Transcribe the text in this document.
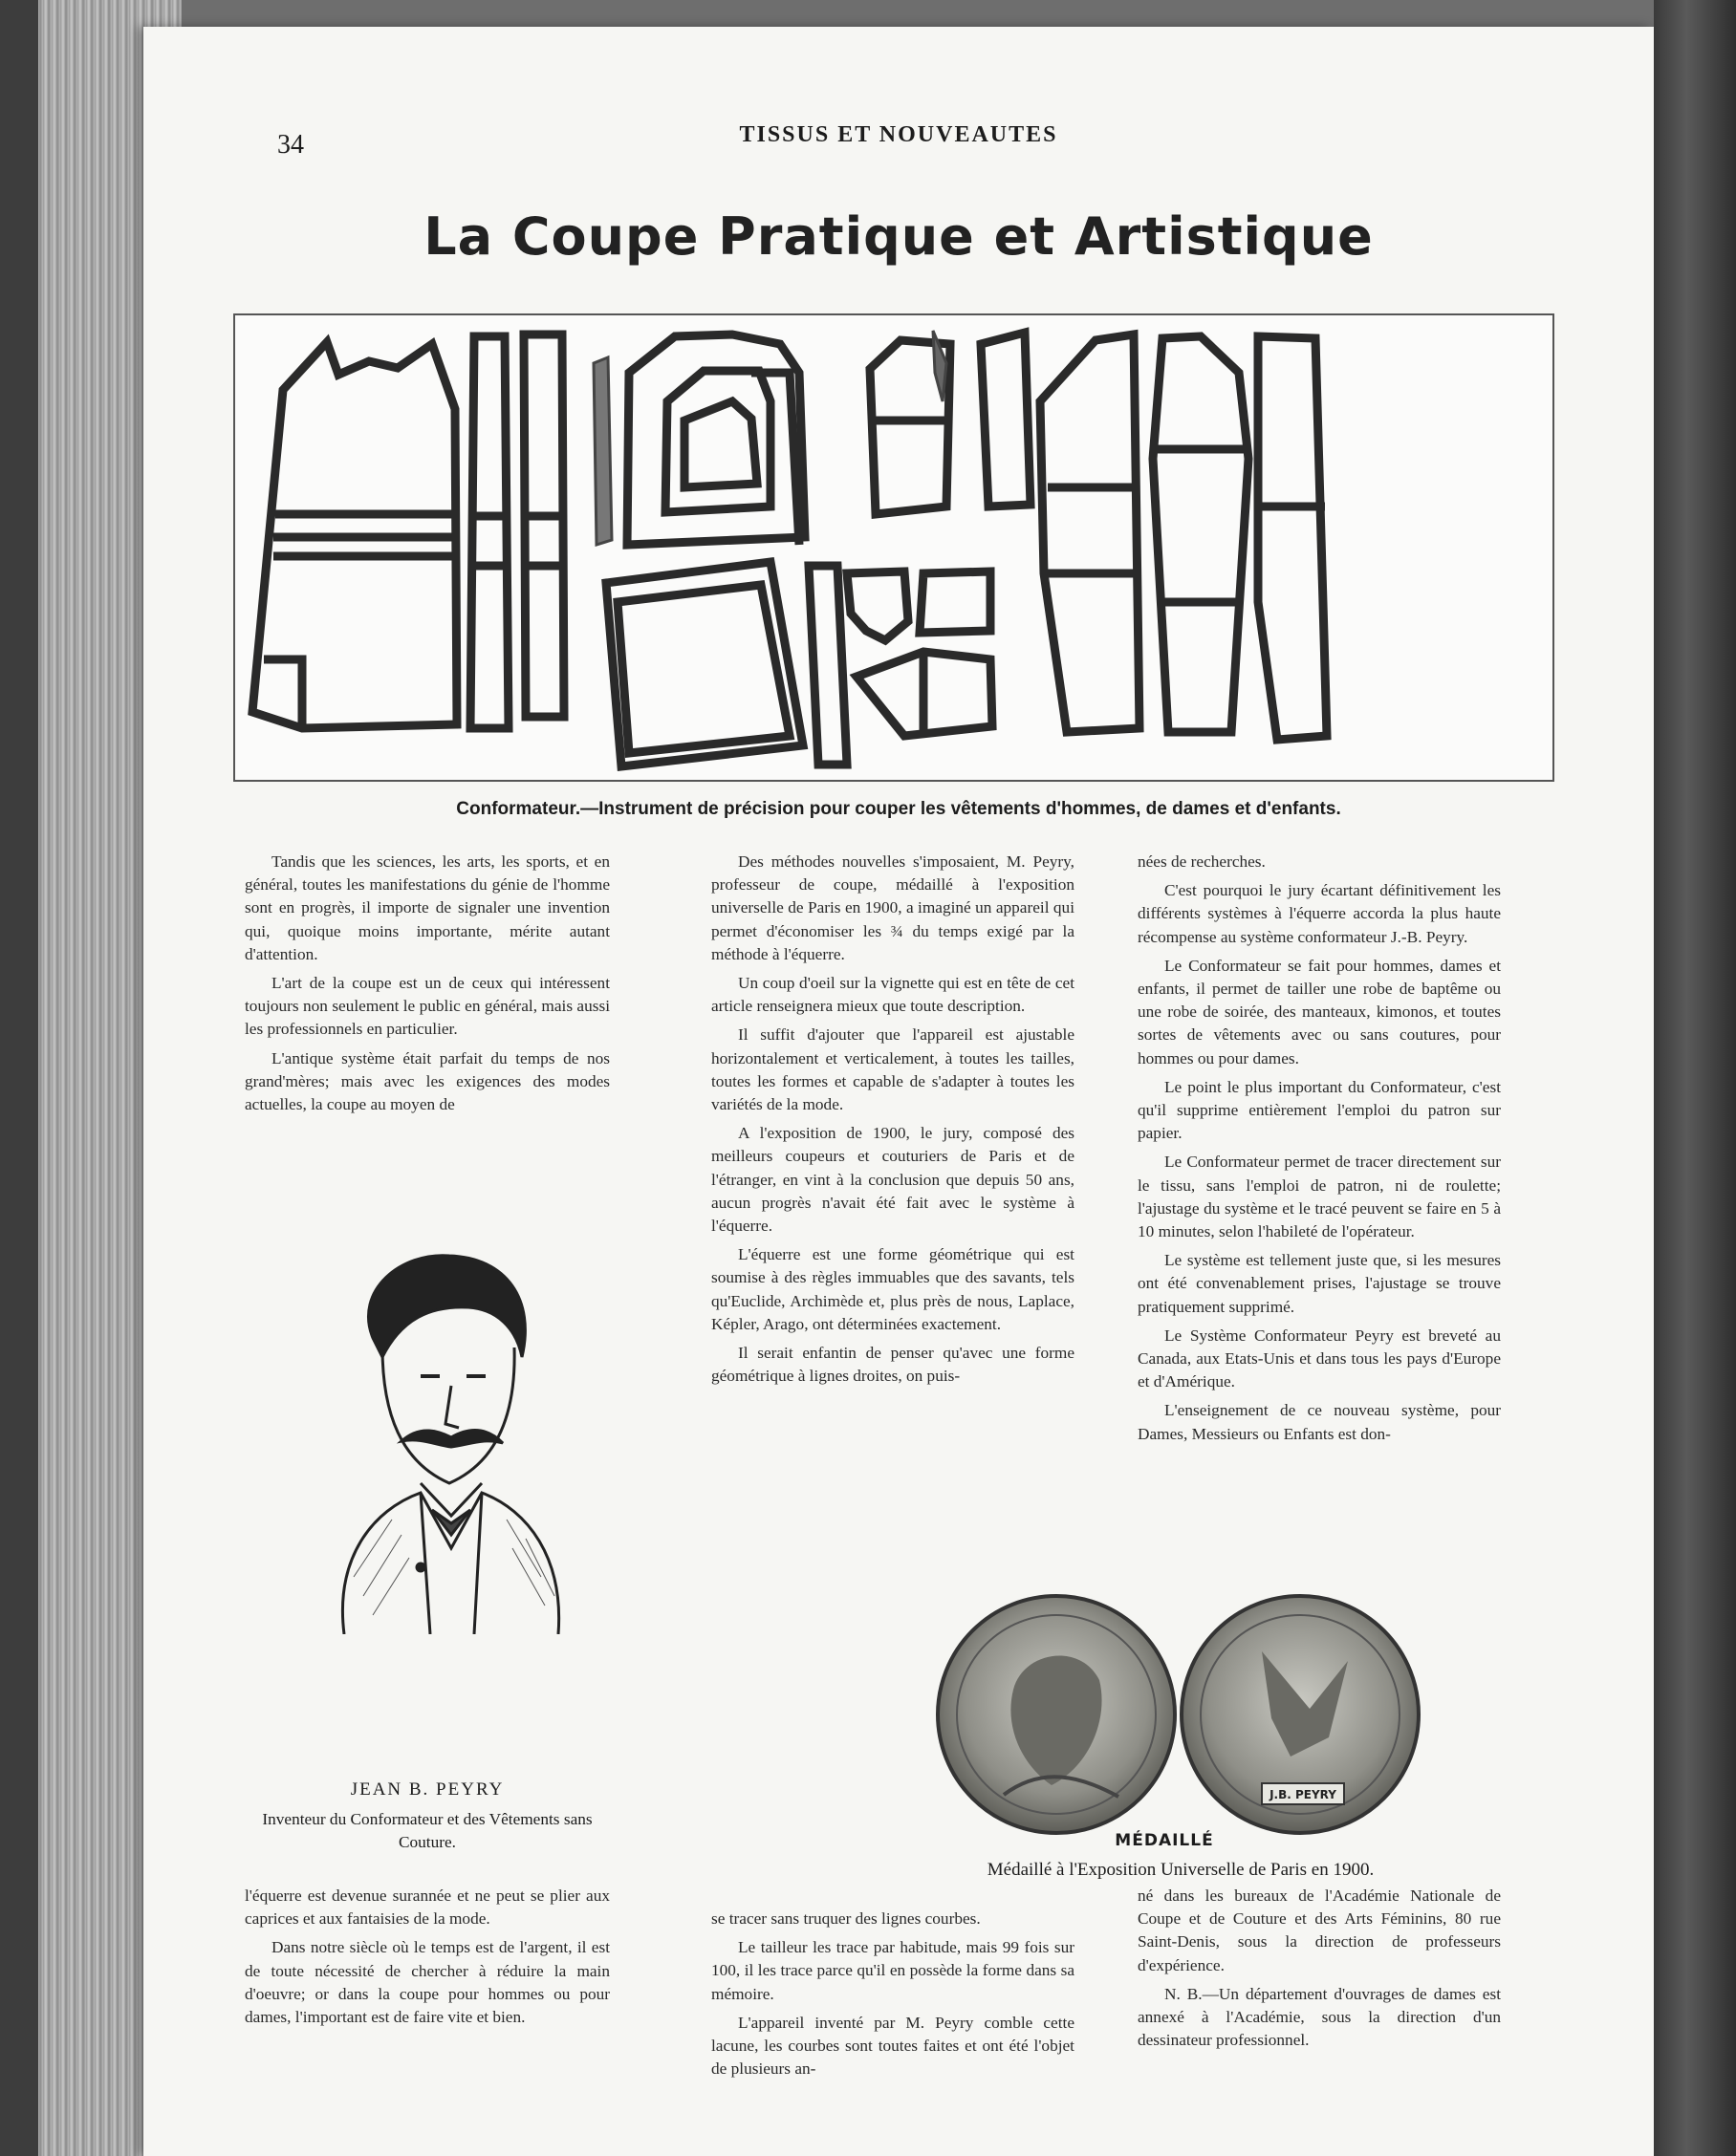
34	TISSUS ET NOUVEAUTES
La Coupe Pratique et Artistique
Conformateur.—Instrument de précision pour couper les vêtements d'hommes, de dames et d'enfants.

Tandis que les sciences, les arts, les sports, et en général, toutes les manifestations du génie de l'homme sont en progrès, il importe de signaler une invention qui, quoique moins importante, mérite autant d'attention.

L'art de la coupe est un de ceux qui intéressent toujours non seulement le public en général, mais aussi les professionnels en particulier.

L'antique système était parfait du temps de nos grand'mères; mais avec les exigences des modes actuelles, la coupe au moyen de

Des méthodes nouvelles s'imposaient, M. Peyry, professeur de coupe, médaillé à l'exposition universelle de Paris en 1900, a imaginé un appareil qui permet d'économiser les ¾ du temps exigé par la méthode à l'équerre.

Un coup d'oeil sur la vignette qui est en tête de cet article renseignera mieux que toute description.

Il suffit d'ajouter que l'appareil est ajustable horizontalement et verticalement, à toutes les tailles, toutes les formes et capable de s'adapter à toutes les variétés de la mode.

A l'exposition de 1900, le jury, composé des meilleurs coupeurs et couturiers de Paris et de l'étranger, en vint à la conclusion que depuis 50 ans, aucun progrès n'avait été fait avec le système à l'équerre.

L'équerre est une forme géométrique qui est soumise à des règles immuables que des savants, tels qu'Euclide, Archimède et, plus près de nous, Laplace, Képler, Arago, ont déterminées exactement.

Il serait enfantin de penser qu'avec une forme géométrique à lignes droites, on puis-

nées de recherches.

C'est pourquoi le jury écartant définitivement les différents systèmes à l'équerre accorda la plus haute récompense au système conformateur J.-B. Peyry.

Le Conformateur se fait pour hommes, dames et enfants, il permet de tailler une robe de baptême ou une robe de soirée, des manteaux, kimonos, et toutes sortes de vêtements avec ou sans coutures, pour hommes ou pour dames.

Le point le plus important du Conformateur, c'est qu'il supprime entièrement l'emploi du patron sur papier.

Le Conformateur permet de tracer directement sur le tissu, sans l'emploi de patron, ni de roulette; l'ajustage du système et le tracé peuvent se faire en 5 à 10 minutes, selon l'habileté de l'opérateur.

Le système est tellement juste que, si les mesures ont été convenablement prises, l'ajustage se trouve pratiquement supprimé.

Le Système Conformateur Peyry est breveté au Canada, aux Etats-Unis et dans tous les pays d'Europe et d'Amérique.

L'enseignement de ce nouveau système, pour Dames, Messieurs ou Enfants est don-

JEAN B. PEYRY
Inventeur du Conformateur et des Vêtements sans Couture.
J.B. PEYRY
MÉDAILLÉ
Médaillé à l'Exposition Universelle de Paris en 1900.

l'équerre est devenue surannée et ne peut se plier aux caprices et aux fantaisies de la mode.

Dans notre siècle où le temps est de l'argent, il est de toute nécessité de chercher à réduire la main d'oeuvre; or dans la coupe pour hommes ou pour dames, l'important est de faire vite et bien.

se tracer sans truquer des lignes courbes.

Le tailleur les trace par habitude, mais 99 fois sur 100, il les trace parce qu'il en possède la forme dans sa mémoire.

L'appareil inventé par M. Peyry comble cette lacune, les courbes sont toutes faites et ont été l'objet de plusieurs an-

né dans les bureaux de l'Académie Nationale de Coupe et de Couture et des Arts Féminins, 80 rue Saint-Denis, sous la direction de professeurs d'expérience.

N. B.—Un département d'ouvrages de dames est annexé à l'Académie, sous la direction d'un dessinateur professionnel.
